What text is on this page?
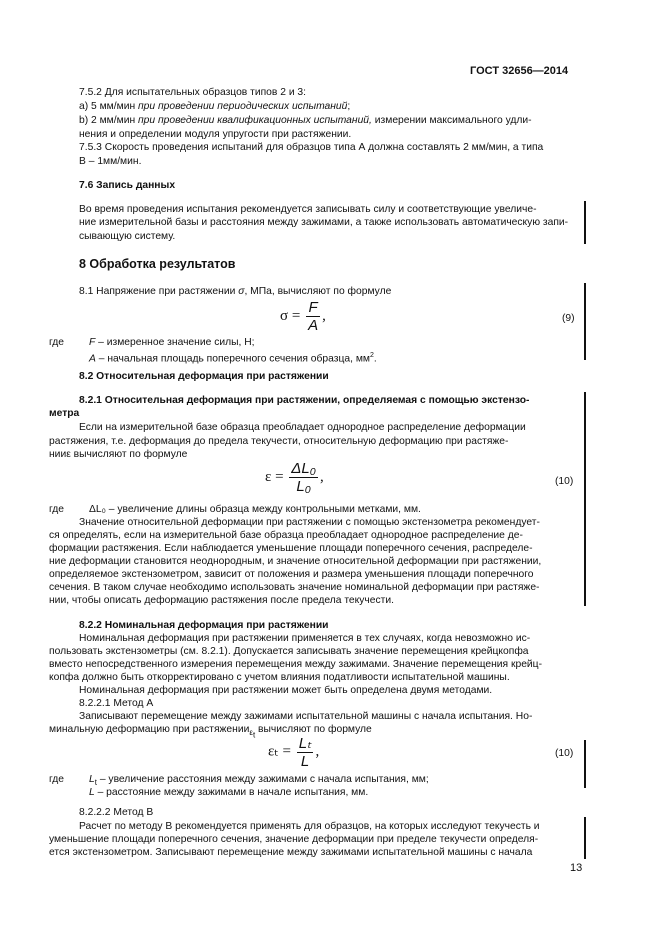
ГОСТ 32656—2014
7.5.2 Для испытательных образцов типов 2 и 3:
a) 5 мм/мин при проведении периодических испытаний;
b) 2 мм/мин при проведении квалификационных испытаний, измерении максимального удли-
нения и определении модуля упругости при растяжении.
7.5.3 Скорость проведения испытаний для образцов типа А должна составлять 2 мм/мин, а типа
В – 1мм/мин.
7.6 Запись данных
Во время проведения испытания рекомендуется записывать силу и соответствующие увеличе-
ние измерительной базы и расстояния между зажимами, а также использовать автоматическую запи-
сывающую систему.
8 Обработка результатов
8.1 Напряжение при растяжении σ, МПа, вычисляют по формуле
$\sigma = \frac{F}{A}$ ,	(9)
где F – измеренное значение силы, Н;
A – начальная площадь поперечного сечения образца, $мм^2$.
8.2 Относительная деформация при растяжении
8.2.1 Относительная деформация при растяжении, определяемая с помощью экстензо-
метра
Если на измерительной базе образца преобладает однородное распределение деформации
растяжения, т.е. деформация до предела текучести, относительную деформацию при растяже-
нииε вычисляют по формуле
$\varepsilon = \frac{\text{ΔL₀}}{\text{L₀}}$ ,	(10)
где ΔL₀ – увеличение длины образца между контрольными метками, мм.
Значение относительной деформации при растяжении с помощью экстензометра рекомендует-
ся определять, если на измерительной базе образца преобладает однородное распределение де-
формации растяжения. Если наблюдается уменьшение площади поперечного сечения, распределе-
ние деформации становится неоднородным, и значение относительной деформации при растяжении,
определяемое экстензометром, зависит от положения и размера уменьшения площади поперечного
сечения. В таком случае необходимо использовать значение номинальной деформации при растяже-
нии, чтобы описать деформацию растяжения после предела текучести.
8.2.2 Номинальная деформация при растяжении
Номинальная деформация при растяжении применяется в тех случаях, когда невозможно ис-
пользовать экстензометры (см. 8.2.1). Допускается записывать значение перемещения крейцкопфа
вместо непосредственного измерения перемещения между зажимами. Значение перемещения крейц-
копфа должно быть откорректировано с учетом влияния податливости испытательной машины.
Номинальная деформация при растяжении может быть определена двумя методами.
8.2.2.1 Метод А
Записывают перемещение между зажимами испытательной машины с начала испытания. Но-
минальную деформацию при растяжении$_{\varepsilon_t}$ вычисляют по формуле
$\varepsilon_t = \frac{\text{Lₜ}}{L}$ ,	(10)
где $L_t$ – увеличение расстояния между зажимами с начала испытания, мм;
L – расстояние между зажимами в начале испытания, мм.
8.2.2.2 Метод В
Расчет по методу В рекомендуется применять для образцов, на которых исследуют текучесть и
уменьшение площади поперечного сечения, значение деформации при пределе текучести определя-
ется экстензометром. Записывают перемещение между зажимами испытательной машины с начала
13
